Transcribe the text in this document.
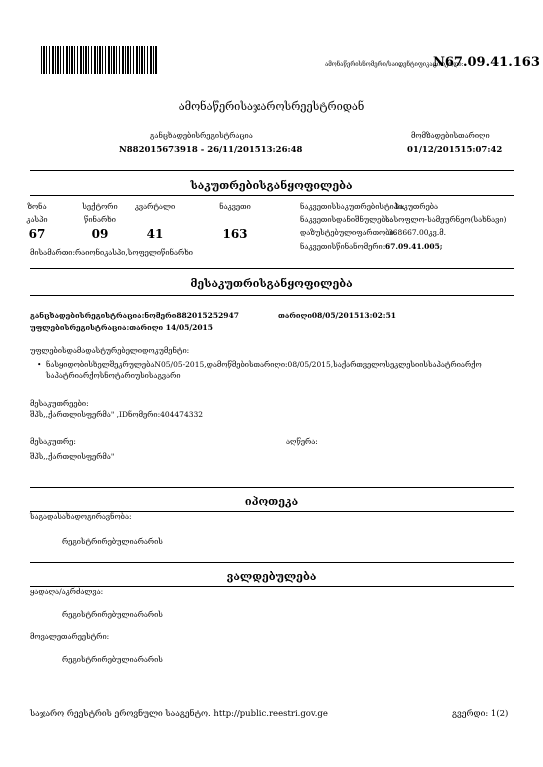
ამონაწერისნომერი/საიდენტიფიკაციოკოდი:
N67.09.41.163
ამონაწერისაჯაროსრეესტრიდან
განცხადებისრეგისტრაცია
N882015673918 - 26/11/201513:26:48
მომზადებისთარიღი
01/12/201515:07:42
საკუთრებისგანყოფილება
ზონა	სექტორი	კვარტალი	ნაკვეთი
კასპი	წინარხი
67	09	41	163
მისამართი:რაიონიკასპი,სოფელიწინარხი
ნაკვეთისსაკუთრებისტიპი:
საკუთრება
ნაკვეთისდანიშნულება:
სასოფლო-სამეურნეო(სახნავი)
დაზუსტებულიფართობი:
368667.00კვ.მ.
ნაკვეთისწინანომერი: 67.09.41.005;
მესაკუთრისგანყოფილება
განცხადებისრეგისტრაცია:ნომერი882015252947	თარიღი08/05/201513:02:51
უფლებისრეგისტრაცია:თარიღი 14/05/2015
უფლებისდამადასტურებელიდოკუმენტი:
• ნასყიდობისხელშეკრულებაN05/05-2015,დამოწმებისთარიღი:08/05/2015,საქართველოსეკლესიისსაპატრიარქო საპატრიარქოსნოტარიუსისაგვარი
მესაკუთრეები:
შპს,,ქართლისფერმა" ,IDნომერი:404474332
მესაკუთრე:	აღწერა:
შპს,,ქართლისფერმა"
იპოთეკა
საგადასახადოგირავნობა:
რეგისტრირებულიარარის
ვალდებულება
ყადაღა/აკრძალვა:
რეგისტრირებულიარარის
მოვალეთარეესტრი:
რეგისტრირებულიარარის
საჯარო რეესტრის ეროვნული სააგენტო. http://public.reestri.gov.ge	გვერდი: 1(2)
